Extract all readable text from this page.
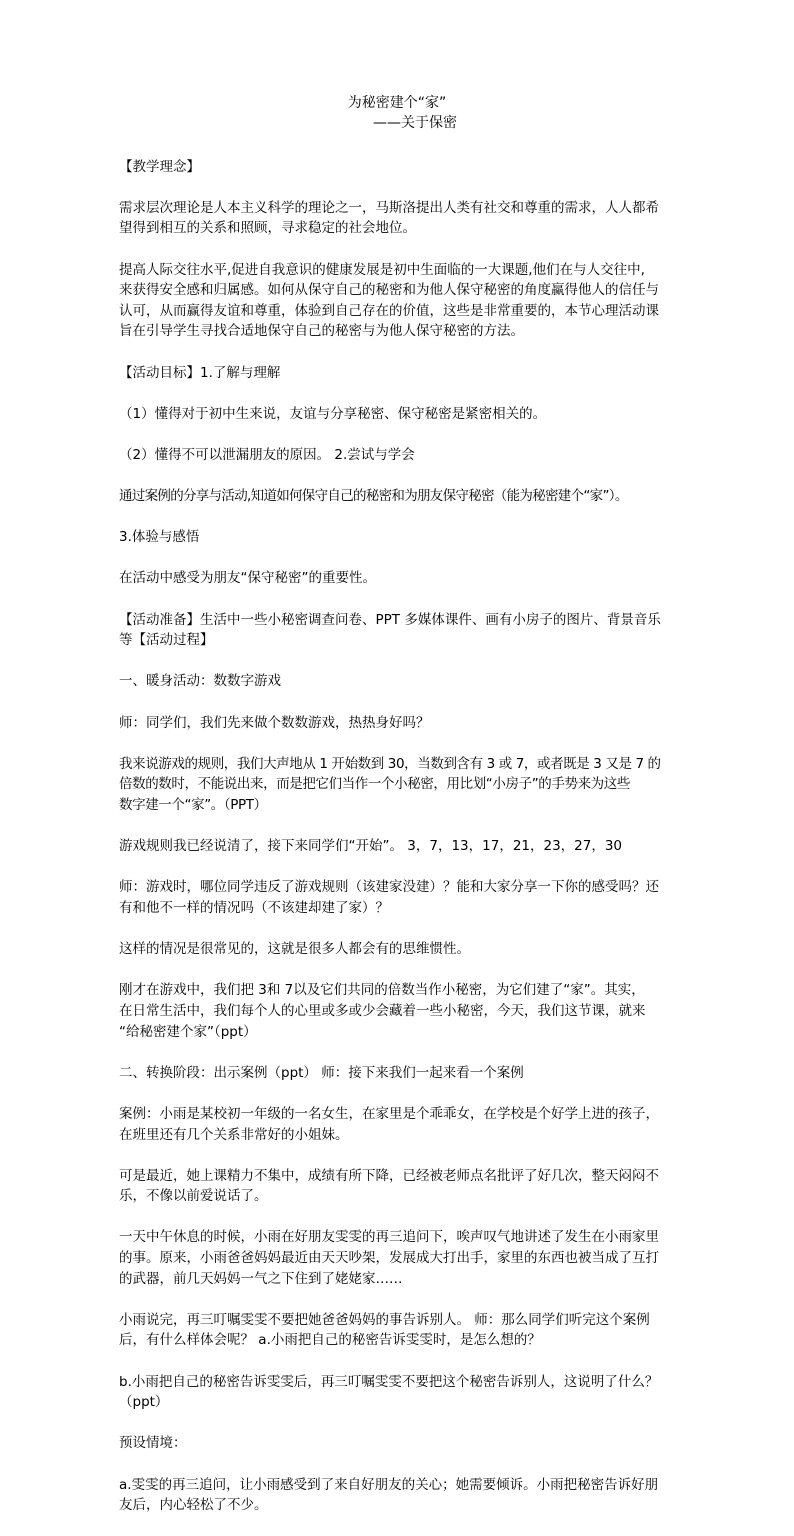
为秘密建个“家”
——关于保密

【教学理念】

需求层次理论是人本主义科学的理论之一，马斯洛提出人类有社交和尊重的需求，人人都希
望得到相互的关系和照顾，寻求稳定的社会地位。

提高人际交往水平,促进自我意识的健康发展是初中生面临的一大课题,他们在与人交往中,
来获得安全感和归属感。如何从保守自己的秘密和为他人保守秘密的角度赢得他人的信任与
认可，从而赢得友谊和尊重，体验到自己存在的价值，这些是非常重要的，本节心理活动课
旨在引导学生寻找合适地保守自己的秘密与为他人保守秘密的方法。

【活动目标】1.了解与理解

（1）懂得对于初中生来说，友谊与分享秘密、保守秘密是紧密相关的。

（2）懂得不可以泄漏朋友的原因。 2.尝试与学会

通过案例的分享与活动,知道如何保守自己的秘密和为朋友保守秘密（能为秘密建个“家”）。

3.体验与感悟

在活动中感受为朋友“保守秘密”的重要性。

【活动准备】生活中一些小秘密调查问卷、PPT 多媒体课件、画有小房子的图片、背景音乐
等【活动过程】

一、暖身活动：数数字游戏

师：同学们，我们先来做个数数游戏，热热身好吗？

我来说游戏的规则，我们大声地从 1 开始数到 30，当数到含有 3 或 7，或者既是 3 又是 7 的
倍数的数时，不能说出来，而是把它们当作一个小秘密，用比划“小房子”的手势来为这些
数字建一个“家”。（PPT）

游戏规则我已经说清了，接下来同学们“开始”。 3，7，13，17，21，23，27，30

师：游戏时，哪位同学违反了游戏规则（该建家没建）？能和大家分享一下你的感受吗？还
有和他不一样的情况吗（不该建却建了家）？

这样的情况是很常见的，这就是很多人都会有的思维惯性。

刚才在游戏中，我们把 3和 7以及它们共同的倍数当作小秘密，为它们建了“家”。其实，
在日常生活中，我们每个人的心里或多或少会藏着一些小秘密，今天，我们这节课，就来
“给秘密建个家”（ppt）

二、转换阶段：出示案例（ppt） 师：接下来我们一起来看一个案例

案例：小雨是某校初一年级的一名女生，在家里是个乖乖女，在学校是个好学上进的孩子，
在班里还有几个关系非常好的小姐妹。

可是最近，她上课精力不集中，成绩有所下降，已经被老师点名批评了好几次，整天闷闷不
乐，不像以前爱说话了。

一天中午休息的时候，小雨在好朋友雯雯的再三追问下，唉声叹气地讲述了发生在小雨家里
的事。原来，小雨爸爸妈妈最近由天天吵架，发展成大打出手，家里的东西也被当成了互打
的武器，前几天妈妈一气之下住到了姥姥家……

小雨说完，再三叮嘱雯雯不要把她爸爸妈妈的事告诉别人。 师：那么同学们听完这个案例
后，有什么样体会呢？ a.小雨把自己的秘密告诉雯雯时，是怎么想的？

b.小雨把自己的秘密告诉雯雯后，再三叮嘱雯雯不要把这个秘密告诉别人，这说明了什么？
（ppt）

预设情境：

a.雯雯的再三追问，让小雨感受到了来自好朋友的关心；她需要倾诉。小雨把秘密告诉好朋
友后，内心轻松了不少。
